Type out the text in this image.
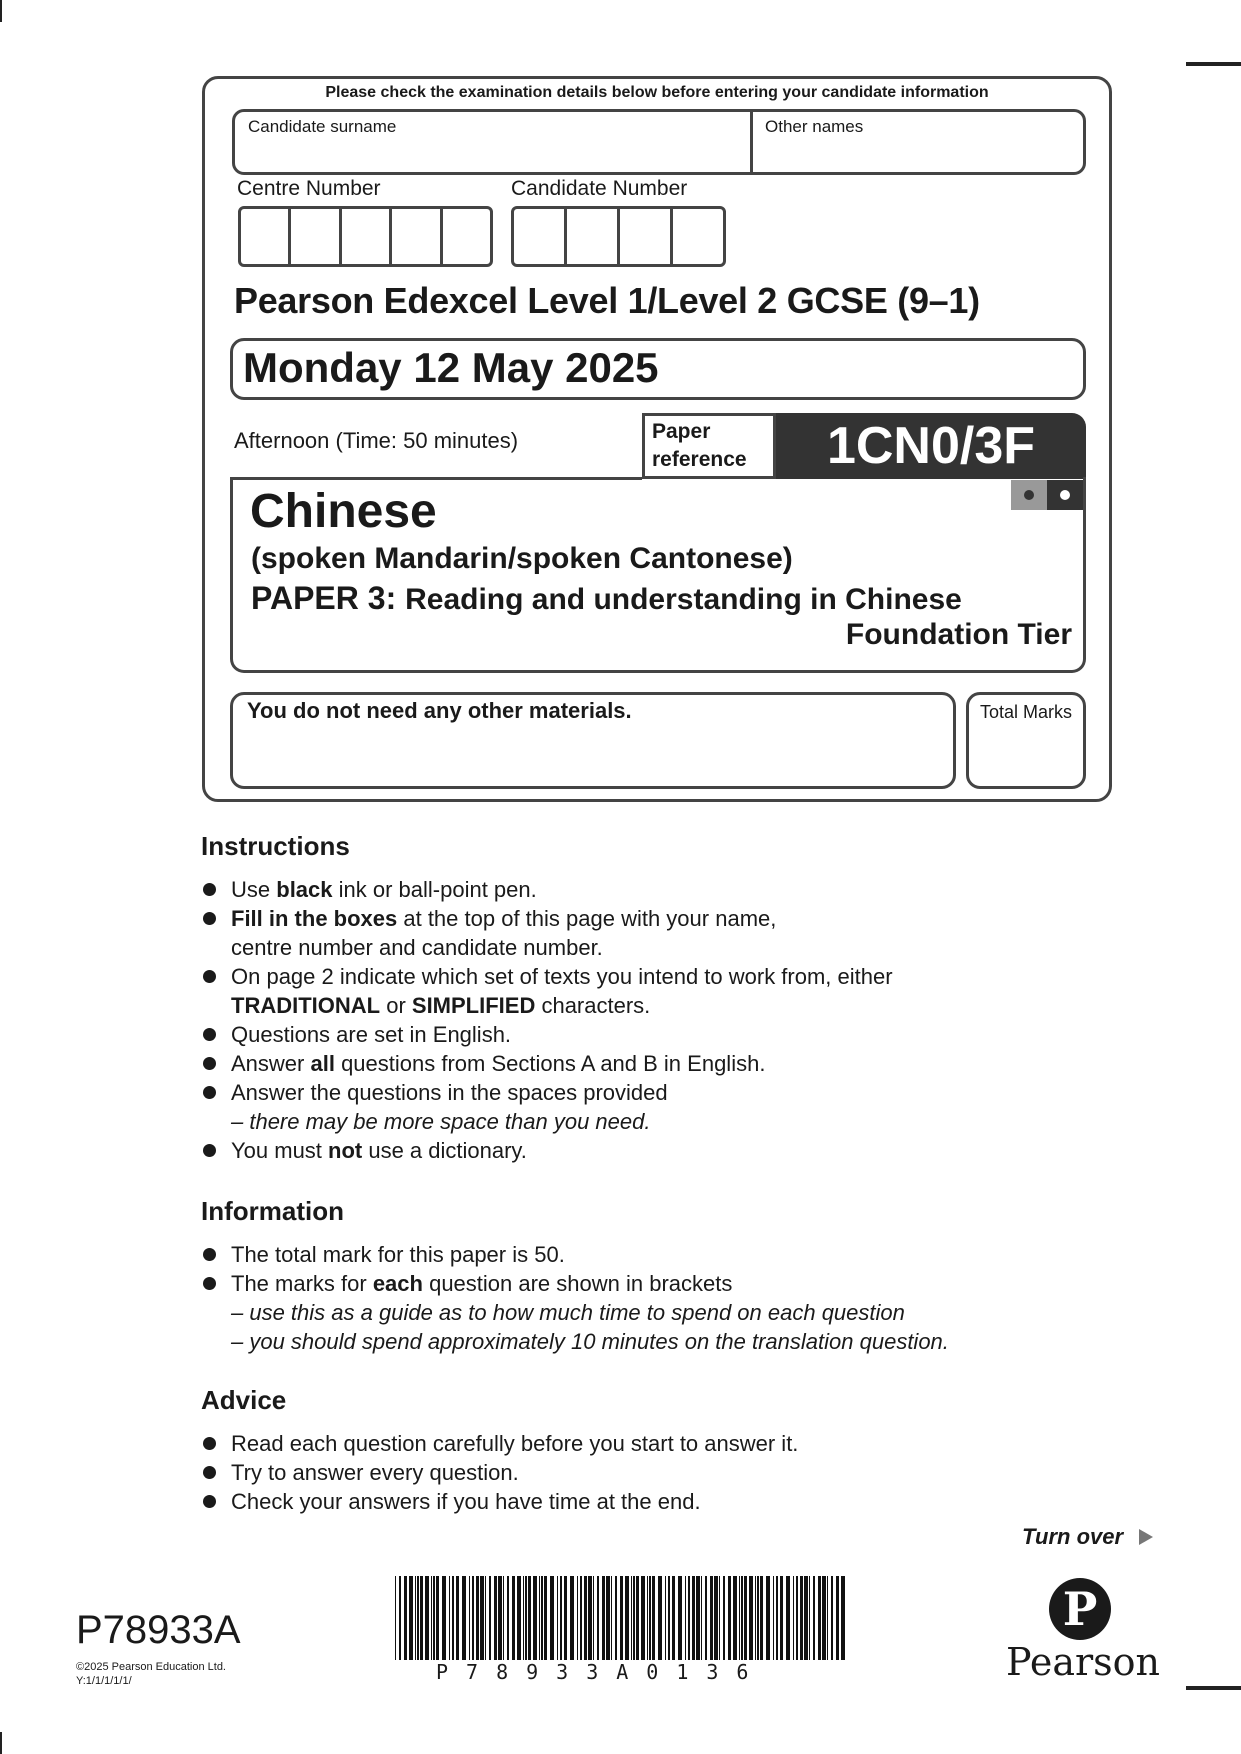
Please check the examination details below before entering your candidate information
Candidate surname	Other names
Centre Number	Candidate Number
Pearson Edexcel Level 1/Level 2 GCSE (9–1)
Monday 12 May 2025
Afternoon (Time: 50 minutes)	Paper
reference	1CN0/3F
Chinese
(spoken Mandarin/spoken Cantonese)
PAPER 3: Reading and understanding in Chinese
Foundation Tier
You do not need any other materials.	Total Marks
Instructions
Use black ink or ball-point pen.
Fill in the boxes at the top of this page with your name,
centre number and candidate number.
On page 2 indicate which set of texts you intend to work from, either
TRADITIONAL or SIMPLIFIED characters.
Questions are set in English.
Answer all questions from Sections A and B in English.
Answer the questions in the spaces provided
– there may be more space than you need.
You must not use a dictionary.
Information
The total mark for this paper is 50.
The marks for each question are shown in brackets
– use this as a guide as to how much time to spend on each question
– you should spend approximately 10 minutes on the translation question.
Advice
Read each question carefully before you start to answer it.
Try to answer every question.
Check your answers if you have time at the end.
Turn over
P78933A
©2025 Pearson Education Ltd.
Y:1/1/1/1/1/	P78933A0136
P
Pearson
